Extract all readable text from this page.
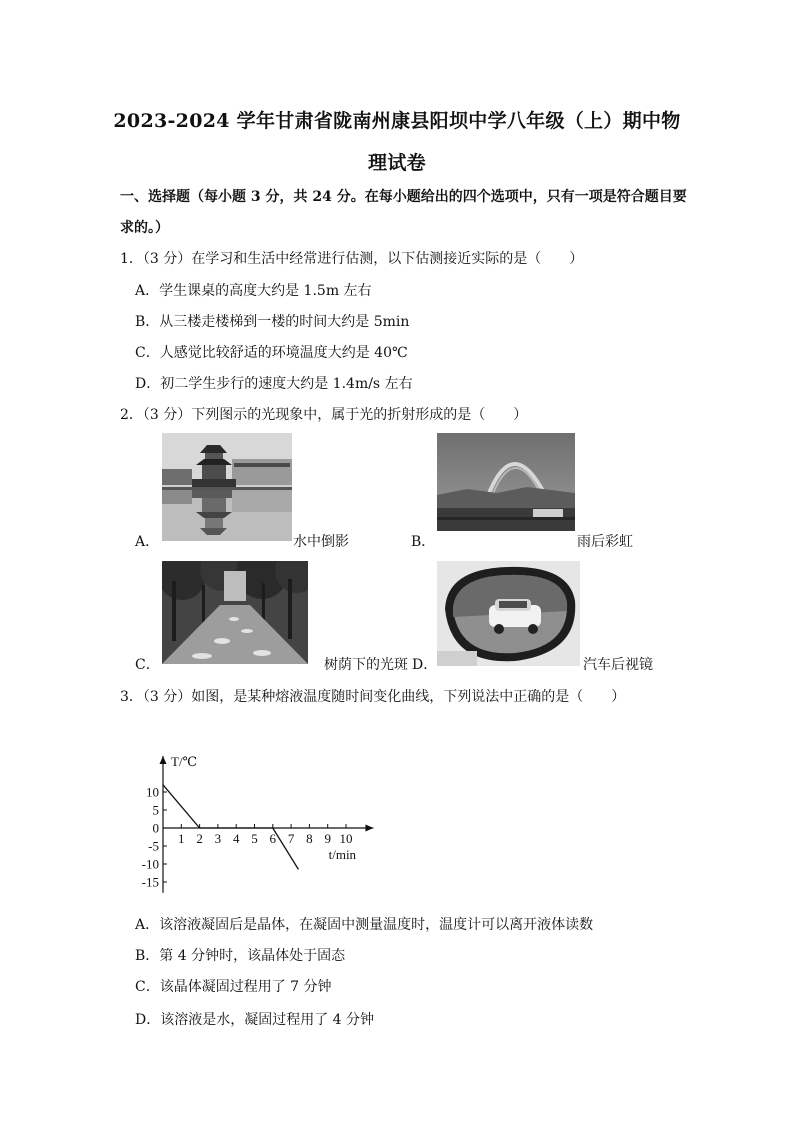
2023-2024 学年甘肃省陇南州康县阳坝中学八年级（上）期中物
理试卷
一、选择题（每小题 3 分，共 24 分。在每小题给出的四个选项中，只有一项是符合题目要
求的。）
1．（3 分）在学习和生活中经常进行估测，以下估测接近实际的是（　　）
A．学生课桌的高度大约是 1.5m 左右
B．从三楼走楼梯到一楼的时间大约是 5min
C．人感觉比较舒适的环境温度大约是 40℃
D．初二学生步行的速度大约是 1.4m/s 左右
2．（3 分）下列图示的光现象中，属于光的折射形成的是（　　）
A．	水中倒影	B．	雨后彩虹
C．	树荫下的光斑 D．	汽车后视镜
3．（3 分）如图，是某种熔液温度随时间变化曲线，下列说法中正确的是（　　）
1 2 3 4 5 6 7 8 9 10
10
5
0
-5
-10
-15
T/℃
t/min
A．该溶液凝固后是晶体，在凝固中测量温度时，温度计可以离开液体读数
B．第 4 分钟时，该晶体处于固态
C．该晶体凝固过程用了 7 分钟
D．该溶液是水，凝固过程用了 4 分钟
